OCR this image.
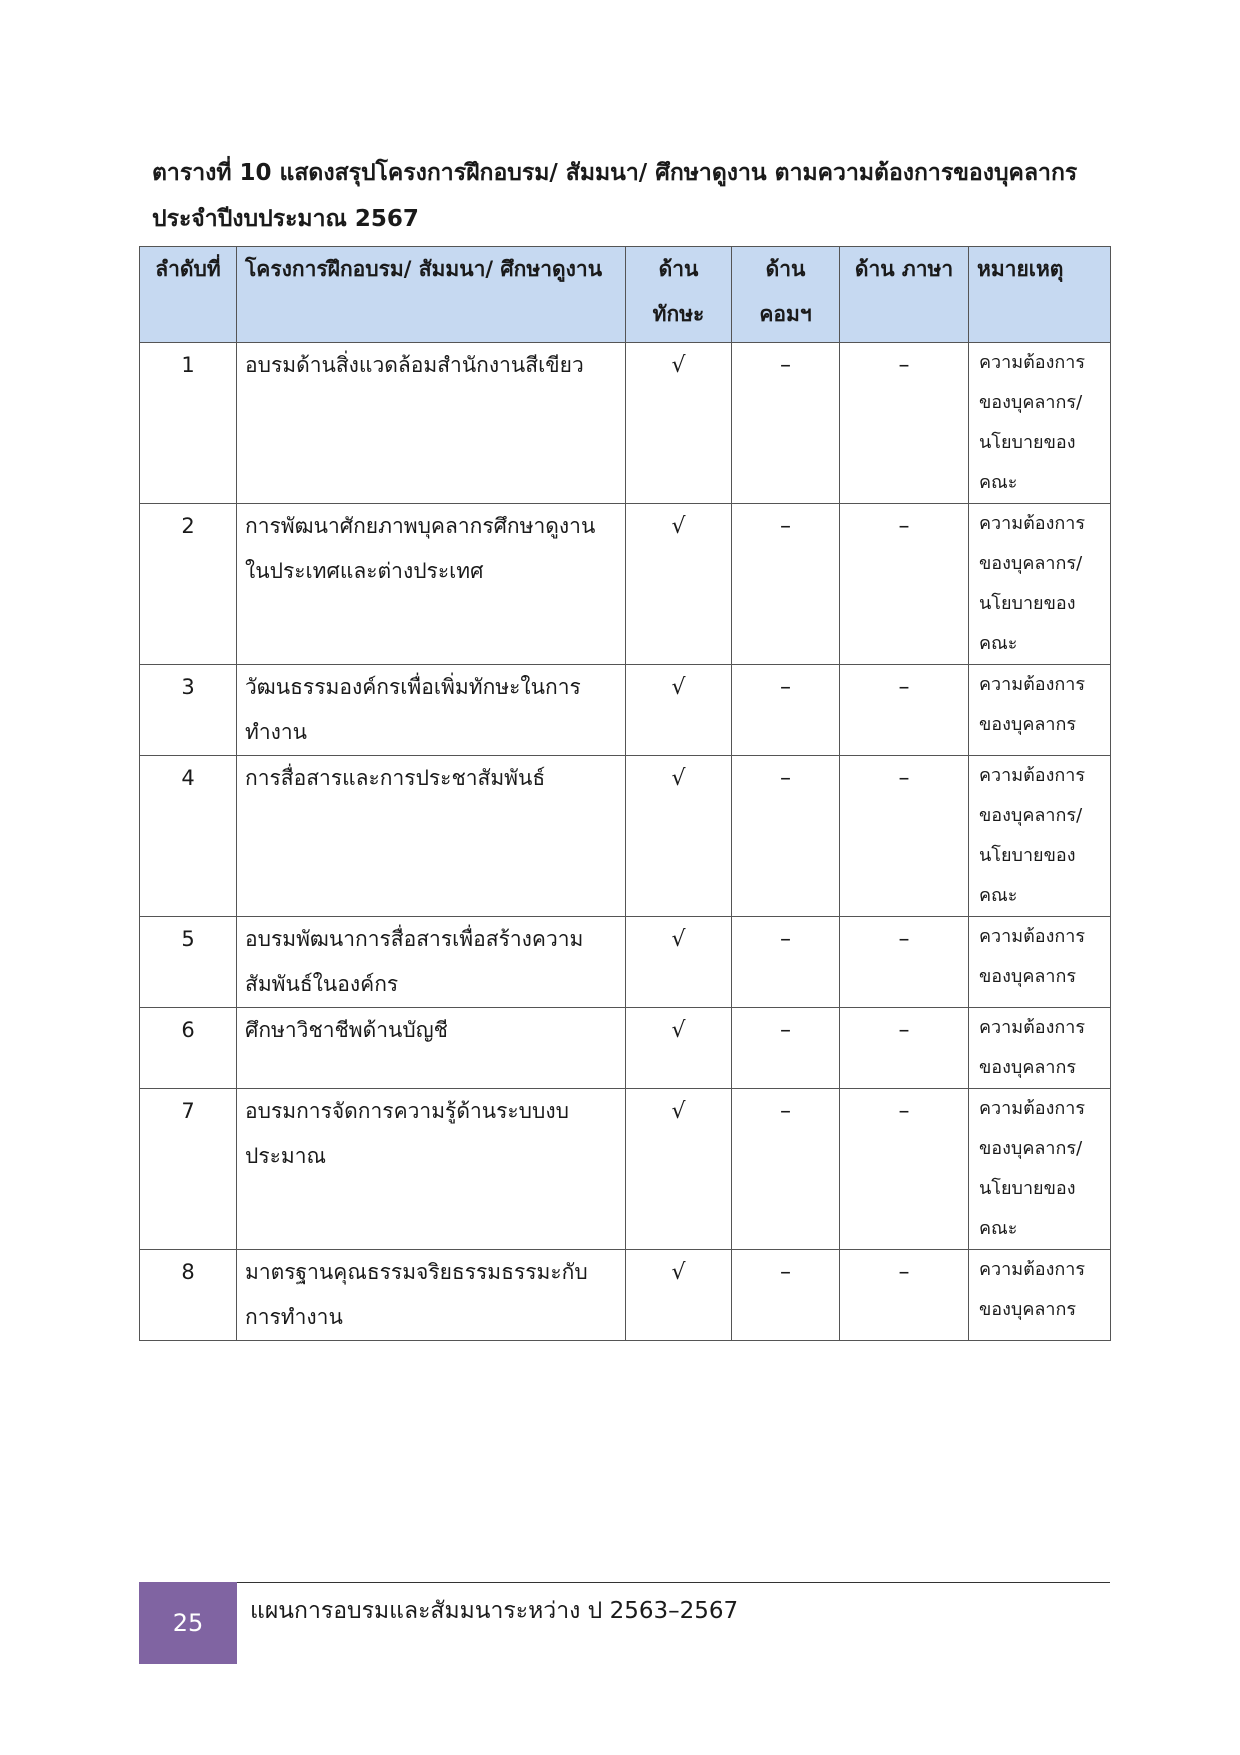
ตารางที่ 10 แสดงสรุปโครงการฝึกอบรม/ สัมมนา/ ศึกษาดูงาน ตามความต้องการของบุคลากร
ประจำปีงบประมาณ 2567
ลำดับที่	โครงการฝึกอบรม/ สัมมนา/ ศึกษาดูงาน	ด้าน ทักษะ	ด้าน คอมฯ	ด้าน ภาษา	หมายเหตุ

1	อบรมด้านสิ่งแวดล้อมสำนักงานสีเขียว	√	–	–	ความต้องการของบุคลากร/นโยบายของคณะ

2	การพัฒนาศักยภาพบุคลากรศึกษาดูงานในประเทศและต่างประเทศ	√	–	–	ความต้องการของบุคลากร/นโยบายของคณะ

3	วัฒนธรรมองค์กรเพื่อเพิ่มทักษะในการทำงาน	√	–	–	ความต้องการของบุคลากร

4	การสื่อสารและการประชาสัมพันธ์	√	–	–	ความต้องการของบุคลากร/นโยบายของคณะ

5	อบรมพัฒนาการสื่อสารเพื่อสร้างความสัมพันธ์ในองค์กร	√	–	–	ความต้องการของบุคลากร

6	ศึกษาวิชาชีพด้านบัญชี	√	–	–	ความต้องการของบุคลากร

7	อบรมการจัดการความรู้ด้านระบบงบประมาณ	√	–	–	ความต้องการของบุคลากร/นโยบายของคณะ

8	มาตรฐานคุณธรรมจริยธรรมธรรมะกับการทำงาน	√	–	–	ความต้องการของบุคลากร
25 แผนการอบรมและสัมมนาระหว่าง ป 2563–2567
